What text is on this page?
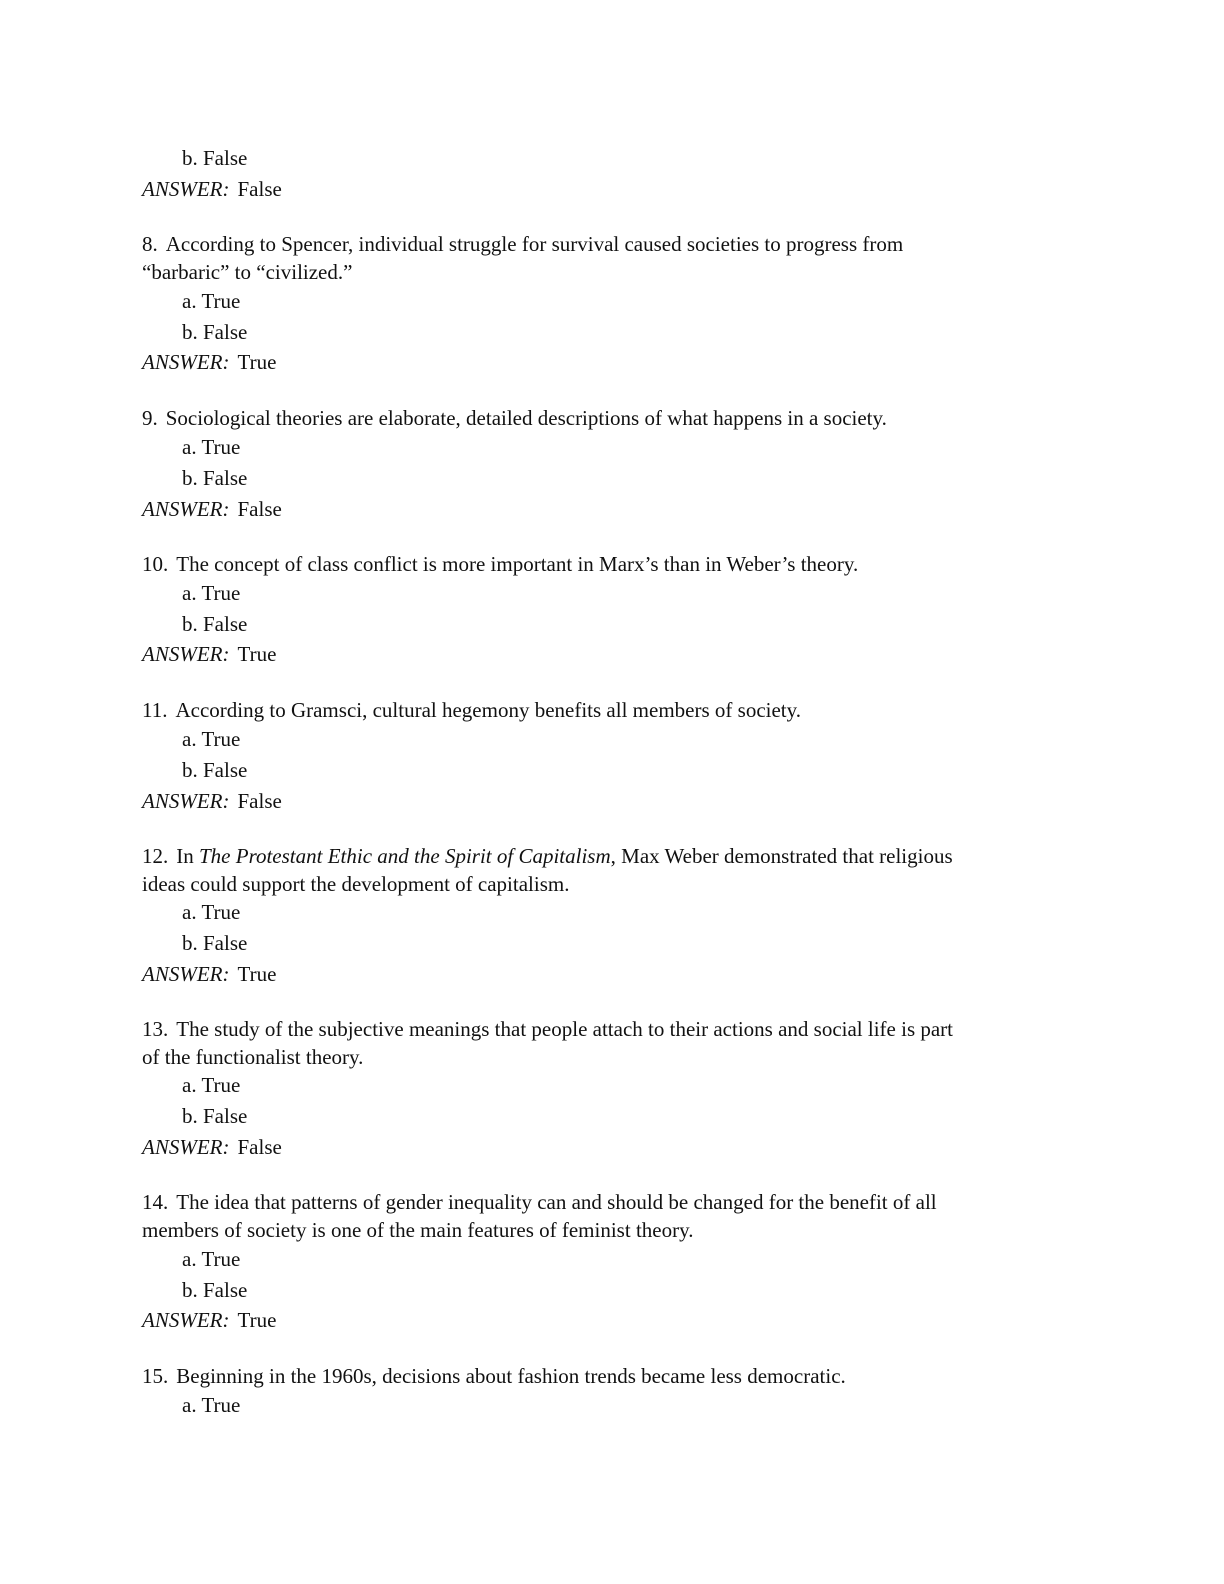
b. False
ANSWER: False
8. According to Spencer, individual struggle for survival caused societies to progress from
“barbaric” to “civilized.”
a. True
b. False
ANSWER: True
9. Sociological theories are elaborate, detailed descriptions of what happens in a society.
a. True
b. False
ANSWER: False
10. The concept of class conflict is more important in Marx’s than in Weber’s theory.
a. True
b. False
ANSWER: True
11. According to Gramsci, cultural hegemony benefits all members of society.
a. True
b. False
ANSWER: False
12. In The Protestant Ethic and the Spirit of Capitalism, Max Weber demonstrated that religious
ideas could support the development of capitalism.
a. True
b. False
ANSWER: True
13. The study of the subjective meanings that people attach to their actions and social life is part
of the functionalist theory.
a. True
b. False
ANSWER: False
14. The idea that patterns of gender inequality can and should be changed for the benefit of all
members of society is one of the main features of feminist theory.
a. True
b. False
ANSWER: True
15. Beginning in the 1960s, decisions about fashion trends became less democratic.
a. True
